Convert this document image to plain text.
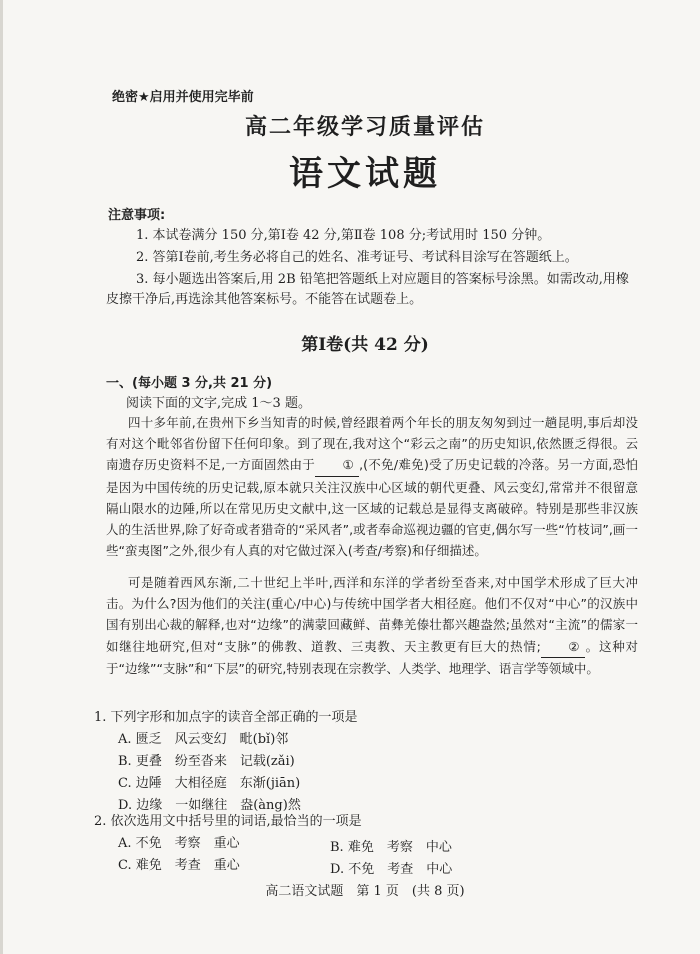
绝密★启用并使用完毕前
高二年级学习质量评估
语文试题
注意事项:
1. 本试卷满分 150 分,第Ⅰ卷 42 分,第Ⅱ卷 108 分;考试用时 150 分钟。
2. 答第Ⅰ卷前,考生务必将自己的姓名、准考证号、考试科目涂写在答题纸上。
3. 每小题选出答案后,用 2B 铅笔把答题纸上对应题目的答案标号涂黑。如需改动,用橡
皮擦干净后,再选涂其他答案标号。不能答在试题卷上。
第Ⅰ卷(共 42 分)
一、(每小题 3 分,共 21 分)
阅读下面的文字,完成 1～3 题。
四十多年前,在贵州下乡当知青的时候,曾经跟着两个年长的朋友匆匆到过一趟昆明,事后却没有对这个毗邻省份留下任何印象。到了现在,我对这个“彩云之南”的历史知识,依然匮乏得很。云南遗存历史资料不足,一方面固然由于 ① ,(不免/难免)受了历史记载的冷落。另一方面,恐怕是因为中国传统的历史记载,原本就只关注汉族中心区域的朝代更叠、风云变幻,常常并不很留意隔山限水的边陲,所以在常见历史文献中,这一区域的记载总是显得支离破碎。特别是那些非汉族人的生活世界,除了好奇或者猎奇的“采风者”,或者奉命巡视边疆的官吏,偶尔写一些“竹枝词”,画一些“蛮夷图”之外,很少有人真的对它做过深入(考查/考察)和仔细描述。
可是随着西风东渐,二十世纪上半叶,西洋和东洋的学者纷至沓来,对中国学术形成了巨大冲击。为什么?因为他们的关注(重心/中心)与传统中国学者大相径庭。他们不仅对“中心”的汉族中国有别出心裁的解释,也对“边缘”的满蒙回藏鲜、苗彝羌傣壮都兴趣盎然;虽然对“主流”的儒家一如继往地研究,但对“支脉”的佛教、道教、三夷教、天主教更有巨大的热情; ② 。这种对于“边缘”“支脉”和“下层”的研究,特别表现在宗教学、人类学、地理学、语言学等领域中。
1. 下列字形和加点字的读音全部正确的一项是
A. 匮乏　风云变幻　毗(bǐ)邻
B. 更叠　纷至沓来　记载(zǎi)
C. 边陲　大相径庭　东渐(jiān)
D. 边缘　一如继往　盎(àng)然
2. 依次选用文中括号里的词语,最恰当的一项是
A. 不免　考察　重心	B. 难免　考察　中心
C. 难免　考查　重心	D. 不免　考查　中心
高二语文试题　第 1 页　(共 8 页)
